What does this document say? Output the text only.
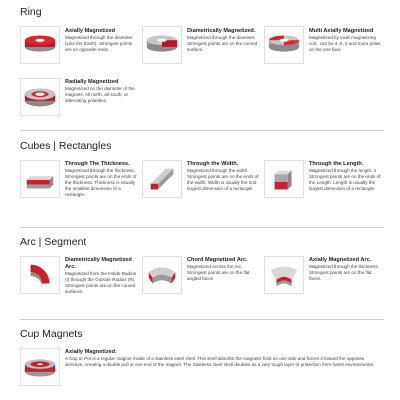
Ring
Axially Magnetized
Magnetized through the diameter (Like the Earth). Strongest points are on opposite ends.
Diametrically Magnetized.
Magnetized through the diameter. Strongest points are on the curved surface.
Multi Axially Magnetized
Magnetized by multi magnetizing coil , can be 4, 6, 8 and more poles on the one face
Radially Magnetized
Magnetized on the diameter of the magnets. All north, all south, or alternating polarities.
Cubes | Rectangles
Through The Thickness.
Magnetized through the thickness. Strongest points are on the ends of the thickness. Thickness is usually the smallest dimension of a rectangle.
Through the Width.
Magnetized through the width. Strongest points are on the ends of the width. Width is usually the 2nd largest dimension of a rectangle.
Through the Length.
Magnetized through the length. 2 Strongest points are on the ends of the Length. Length is usually the largest dimension of a rectangle.
Arc | Segment
Diametrically Magnetized Arc.
Magnetized from the Inside Radius (I) through the Outside Radius (R). Strongest points are on the curved surfaces.
Chord Magnetized Arc.
Magnetized Across the Arc. Strongest points are on the flat angled faces
Axially Magnetized Arc.
Magnetized through the thickness. Strongest points are on the flat faces.
Cup Magnets
Axially Magnetized.
A Cup or Pot is a regular magnet inside of a stainless steel shell. This shell absorbs the magnetic field on one side and forces it toward the opposite direction, creating a double pull at one end of the magnet. The Stainless steel shell doubles as a very tough layer of protection form harsh environments.
